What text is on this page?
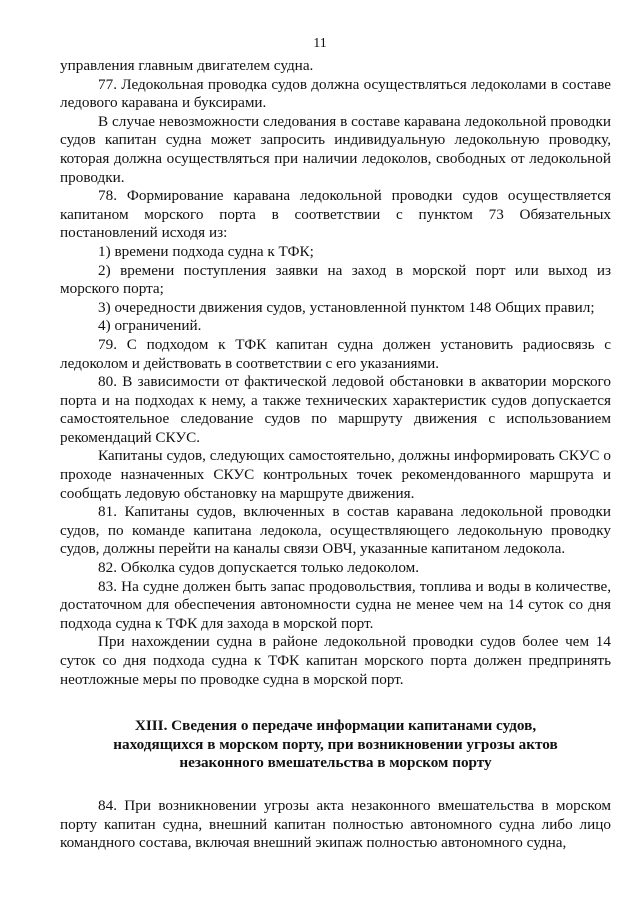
11

управления главным двигателем судна.

77. Ледокольная проводка судов должна осуществляться ледоколами в составе ледового каравана и буксирами.

В случае невозможности следования в составе каравана ледокольной проводки судов капитан судна может запросить индивидуальную ледокольную проводку, которая должна осуществляться при наличии ледоколов, свободных от ледокольной проводки.

78. Формирование каравана ледокольной проводки судов осуществляется капитаном морского порта в соответствии с пунктом 73 Обязательных постановлений исходя из:

1) времени подхода судна к ТФК;

2) времени поступления заявки на заход в морской порт или выход из морского порта;

3) очередности движения судов, установленной пунктом 148 Общих правил;

4) ограничений.

79. С подходом к ТФК капитан судна должен установить радиосвязь с ледоколом и действовать в соответствии с его указаниями.

80. В зависимости от фактической ледовой обстановки в акватории морского порта и на подходах к нему, а также технических характеристик судов допускается самостоятельное следование судов по маршруту движения с использованием рекомендаций СКУС.

Капитаны судов, следующих самостоятельно, должны информировать СКУС о проходе назначенных СКУС контрольных точек рекомендованного маршрута и сообщать ледовую обстановку на маршруте движения.

81. Капитаны судов, включенных в состав каравана ледокольной проводки судов, по команде капитана ледокола, осуществляющего ледокольную проводку судов, должны перейти на каналы связи ОВЧ, указанные капитаном ледокола.

82. Обколка судов допускается только ледоколом.

83. На судне должен быть запас продовольствия, топлива и воды в количестве, достаточном для обеспечения автономности судна не менее чем на 14 суток со дня подхода судна к ТФК для захода в морской порт.

При нахождении судна в районе ледокольной проводки судов более чем 14 суток со дня подхода судна к ТФК капитан морского порта должен предпринять неотложные меры по проводке судна в морской порт.

XIII. Сведения о передаче информации капитанами судов,
находящихся в морском порту, при возникновении угрозы актов
незаконного вмешательства в морском порту

84. При возникновении угрозы акта незаконного вмешательства в морском порту капитан судна, внешний капитан полностью автономного судна либо лицо командного состава, включая внешний экипаж полностью автономного судна,
